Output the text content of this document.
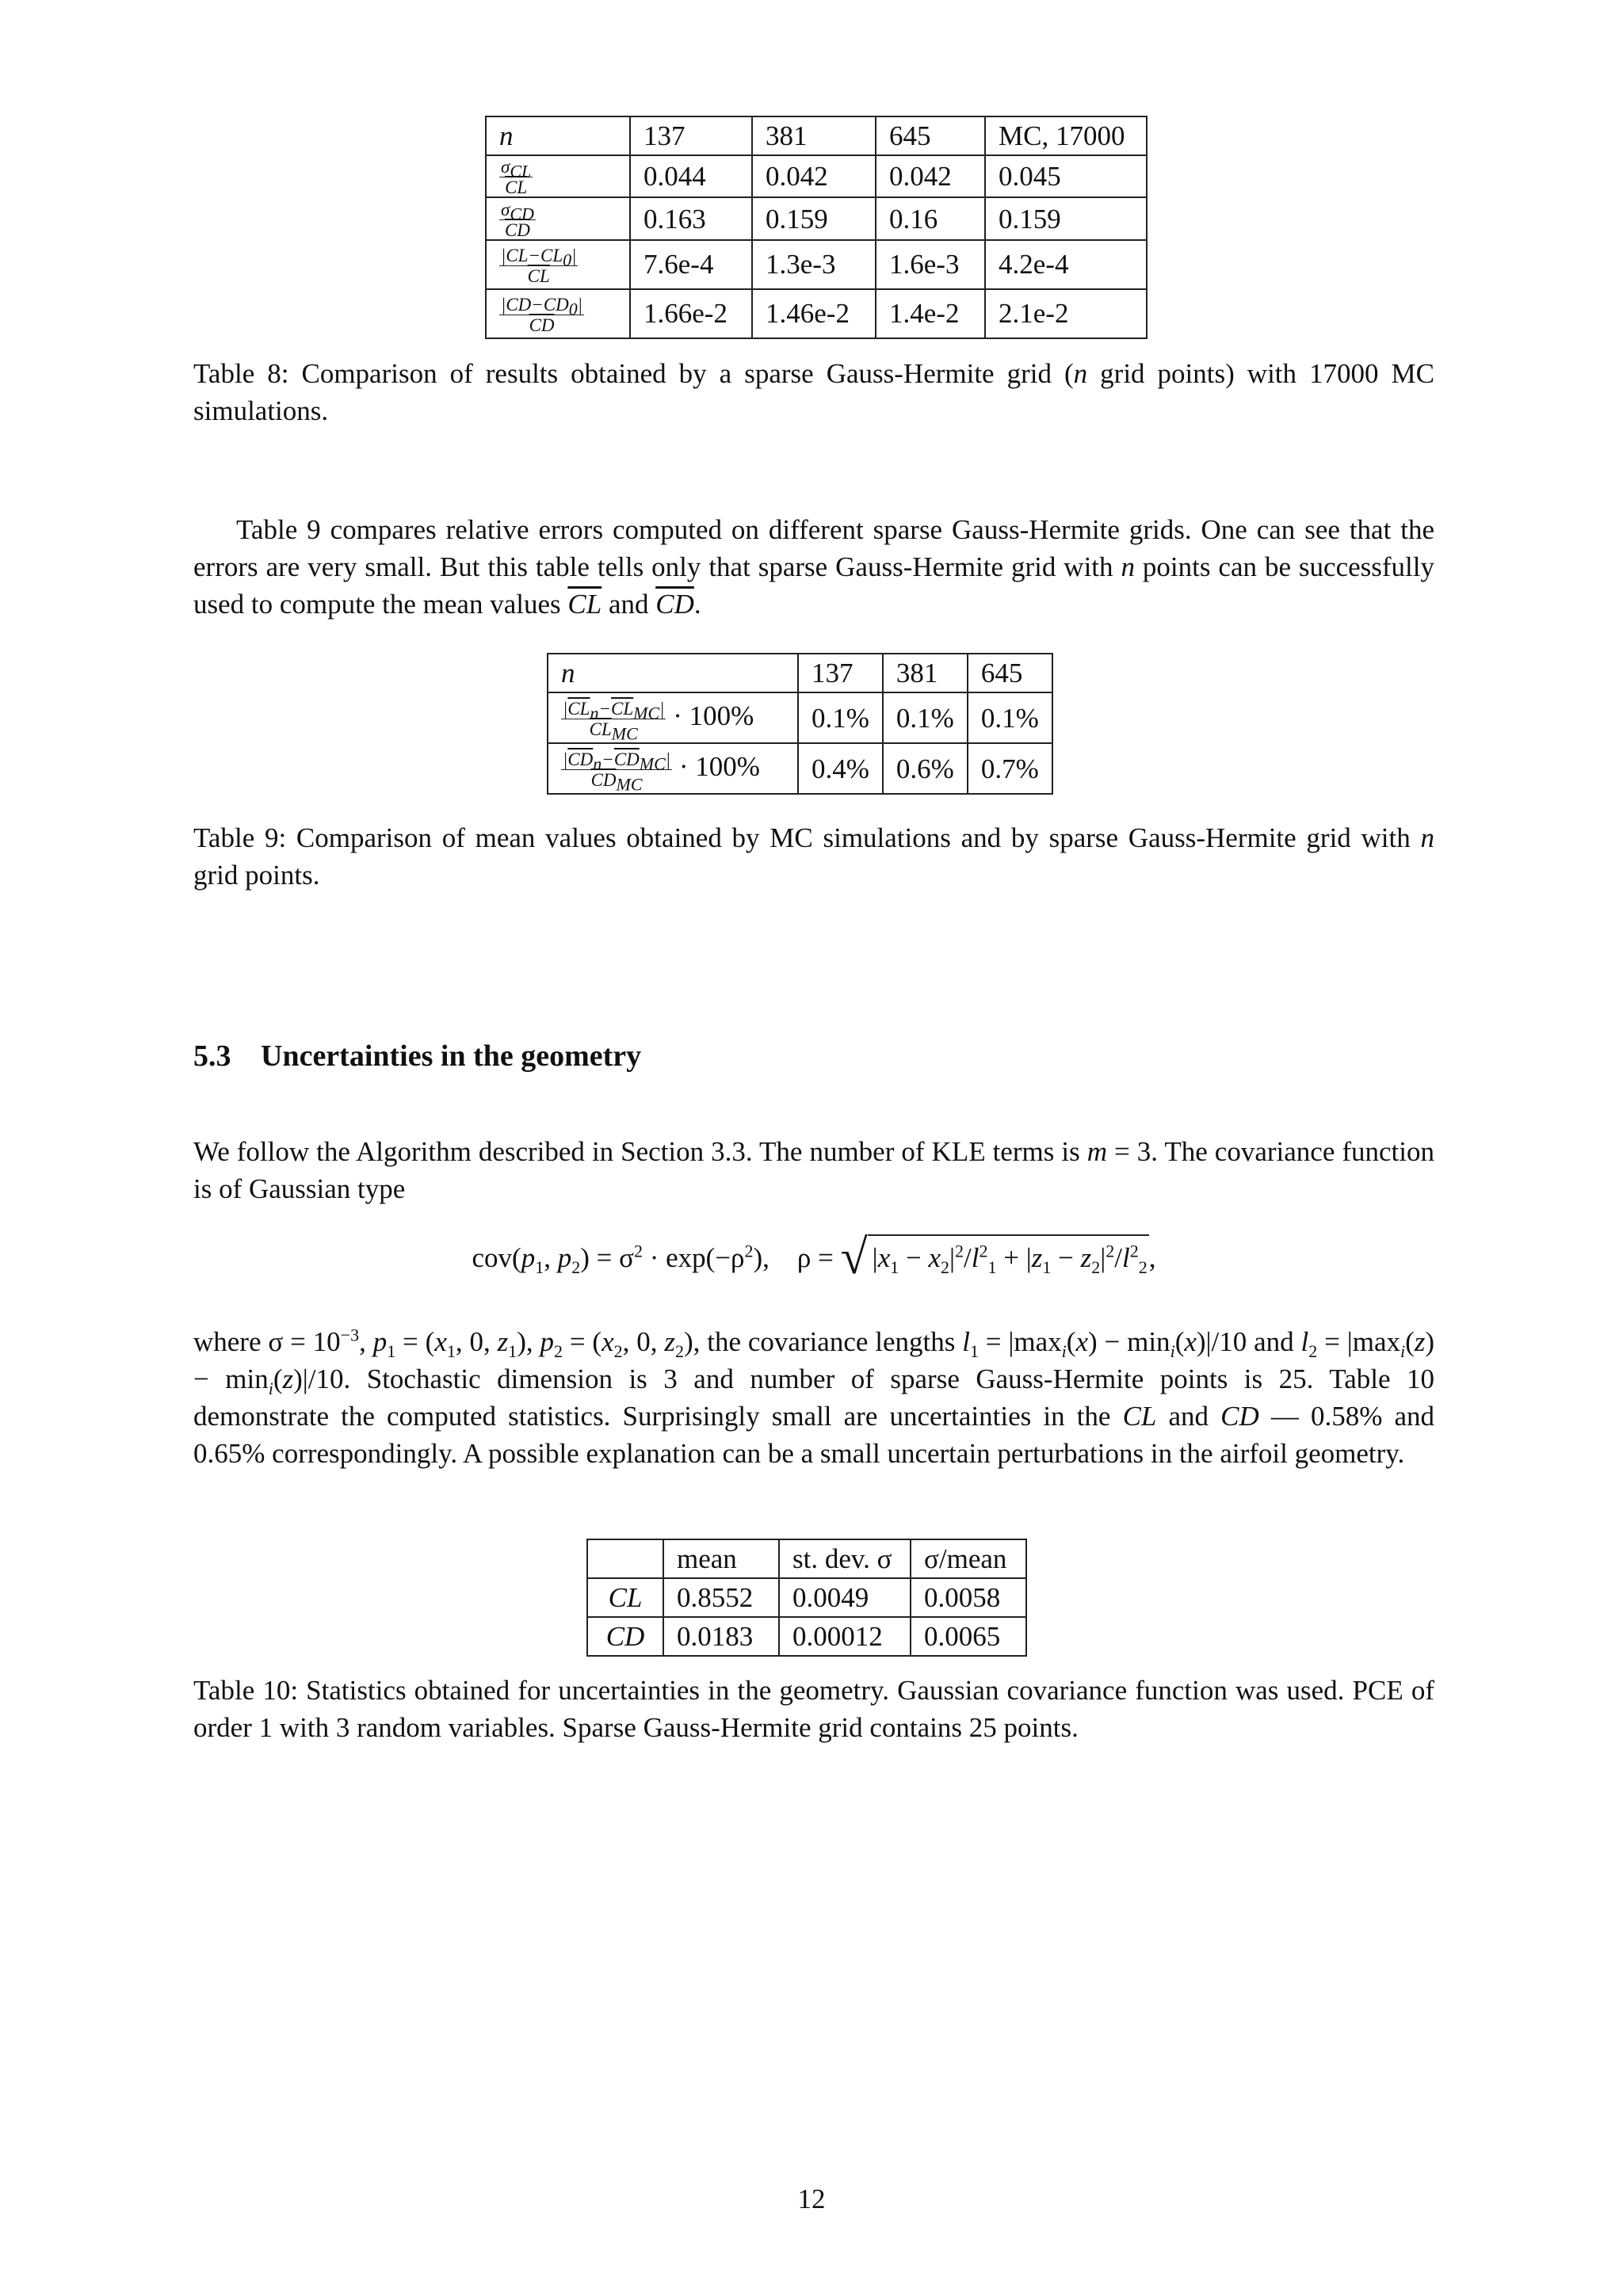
n	137	381	645	MC, 17000

$\frac{\sigma_{CL}}{CL}$	0.044	0.042	0.042	0.045

$\frac{\sigma_{CD}}{CD}$	0.163	0.159	0.16	0.159

$\frac{|CL-CL_0|}{CL}$	7.6e-4	1.3e-3	1.6e-3	4.2e-4

$\frac{|CD-CD_0|}{CD}$	1.66e-2	1.46e-2	1.4e-2	2.1e-2
Table 8: Comparison of results obtained by a sparse Gauss-Hermite grid (n grid points) with 17000 MC simulations.
Table 9 compares relative errors computed on different sparse Gauss-Hermite grids. One can see that the errors are very small. But this table tells only that sparse Gauss-Hermite grid with n points can be successfully used to compute the mean values $\overline{CL}$ and $\overline{CD}$.
n	137	381	645

$\frac{|\overline{CL}_n-\overline{CL}_{MC}|}{\overline{CL}_{MC}} \cdot 100\%$	0.1%	0.1%	0.1%

$\frac{|\overline{CD}_n-\overline{CD}_{MC}|}{\overline{CD}_{MC}} \cdot 100\%$	0.4%	0.6%	0.7%
Table 9: Comparison of mean values obtained by MC simulations and by sparse Gauss-Hermite grid with n grid points.
5.3 Uncertainties in the geometry
We follow the Algorithm described in Section 3.3. The number of KLE terms is m = 3. The covariance function is of Gaussian type
$cov(p_1$, $p_2) = \sigma^2 \cdot \exp(-\rho^2)$,    ρ = √ $|x_1 - x_2|^2/l^2_1 + |z_1 - z_2|^2/l^2_2$,
where $\sigma = 10^{-3}$, $p_1 = (x_1$, 0, $z_1$), $p_2 = (x_2$, 0, $z_2$), the covariance lengths $l_1 = |\max_i(x) - \min_i(x)|/10$ and $l_2 = |\max_i(z) - \min_i(z)|/10$. Stochastic dimension is 3 and number of sparse Gauss-Hermite points is 25. Table 10 demonstrate the computed statistics. Surprisingly small are uncertainties in the CL and CD — 0.58% and 0.65% correspondingly. A possible explanation can be a small uncertain perturbations in the airfoil geometry.
	mean	st. dev. σ	σ/mean
CL	0.8552	0.0049	0.0058
CD	0.0183	0.00012	0.0065
Table 10: Statistics obtained for uncertainties in the geometry. Gaussian covariance function was used. PCE of order 1 with 3 random variables. Sparse Gauss-Hermite grid contains 25 points.
12
